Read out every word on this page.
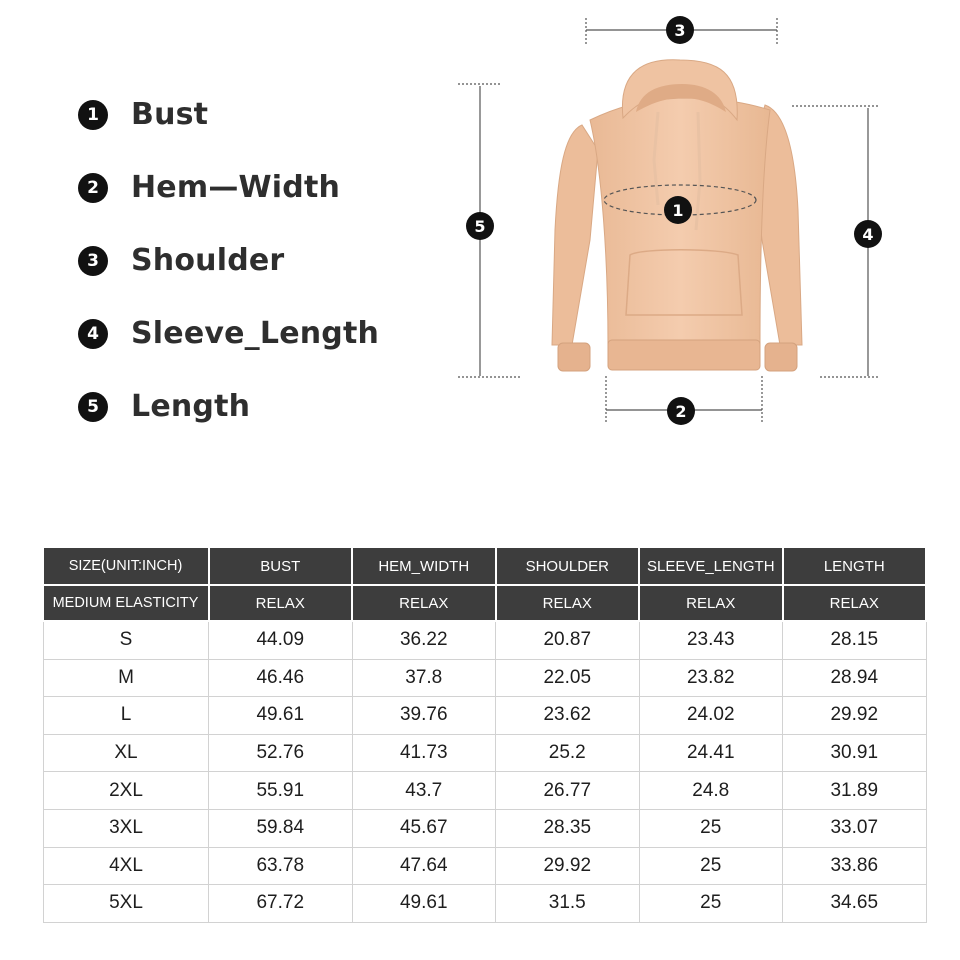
1	Bust
2	Hem—Width
3	Shoulder
4	Sleeve_Length
5	Length
3
5	4
1
2
SIZE(UNIT:INCH)	BUST	HEM_WIDTH	SHOULDER	SLEEVE_LENGTH	LENGTH
MEDIUM ELASTICITY	RELAX	RELAX	RELAX	RELAX	RELAX
S	44.09	36.22	20.87	23.43	28.15
M	46.46	37.8	22.05	23.82	28.94
L	49.61	39.76	23.62	24.02	29.92
XL	52.76	41.73	25.2	24.41	30.91
2XL	55.91	43.7	26.77	24.8	31.89
3XL	59.84	45.67	28.35	25	33.07
4XL	63.78	47.64	29.92	25	33.86
5XL	67.72	49.61	31.5	25	34.65
